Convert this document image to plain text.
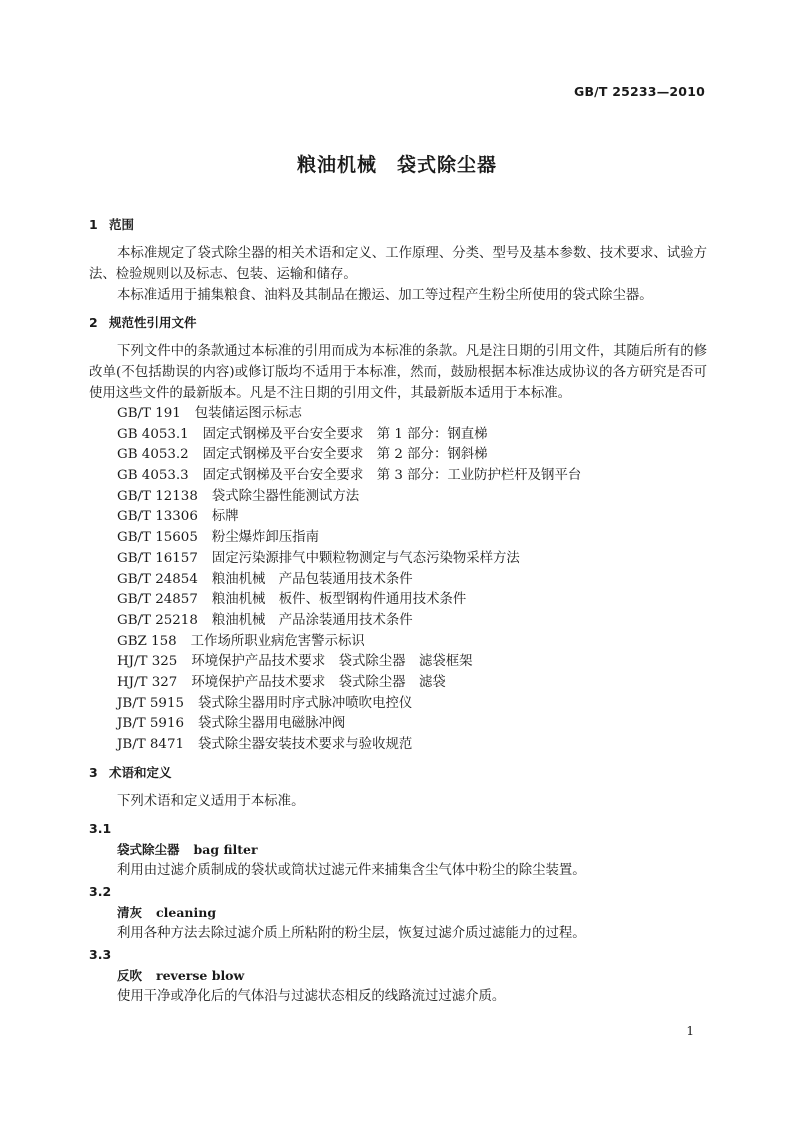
GB/T 25233—2010
粮油机械　袋式除尘器
1 范围

本标准规定了袋式除尘器的相关术语和定义、工作原理、分类、型号及基本参数、技术要求、试验方法、检验规则以及标志、包装、运输和储存。

本标准适用于捕集粮食、油料及其制品在搬运、加工等过程产生粉尘所使用的袋式除尘器。

2 规范性引用文件

下列文件中的条款通过本标准的引用而成为本标准的条款。凡是注日期的引用文件，其随后所有的修改单(不包括勘误的内容)或修订版均不适用于本标准，然而，鼓励根据本标准达成协议的各方研究是否可使用这些文件的最新版本。凡是不注日期的引用文件，其最新版本适用于本标准。

GB/T 191 包装储运图示标志
GB 4053.1 固定式钢梯及平台安全要求　第 1 部分：钢直梯
GB 4053.2 固定式钢梯及平台安全要求　第 2 部分：钢斜梯
GB 4053.3 固定式钢梯及平台安全要求　第 3 部分：工业防护栏杆及钢平台
GB/T 12138 袋式除尘器性能测试方法
GB/T 13306 标牌
GB/T 15605 粉尘爆炸卸压指南
GB/T 16157 固定污染源排气中颗粒物测定与气态污染物采样方法
GB/T 24854 粮油机械　产品包装通用技术条件
GB/T 24857 粮油机械　板件、板型钢构件通用技术条件
GB/T 25218 粮油机械　产品涂装通用技术条件
GBZ 158 工作场所职业病危害警示标识
HJ/T 325 环境保护产品技术要求　袋式除尘器　滤袋框架
HJ/T 327 环境保护产品技术要求　袋式除尘器　滤袋
JB/T 5915 袋式除尘器用时序式脉冲喷吹电控仪
JB/T 5916 袋式除尘器用电磁脉冲阀
JB/T 8471 袋式除尘器安装技术要求与验收规范
3 术语和定义

下列术语和定义适用于本标准。

3.1
袋式除尘器 bag filter
利用由过滤介质制成的袋状或筒状过滤元件来捕集含尘气体中粉尘的除尘装置。
3.2
清灰 cleaning
利用各种方法去除过滤介质上所粘附的粉尘层，恢复过滤介质过滤能力的过程。
3.3
反吹 reverse blow
使用干净或净化后的气体沿与过滤状态相反的线路流过过滤介质。
1
